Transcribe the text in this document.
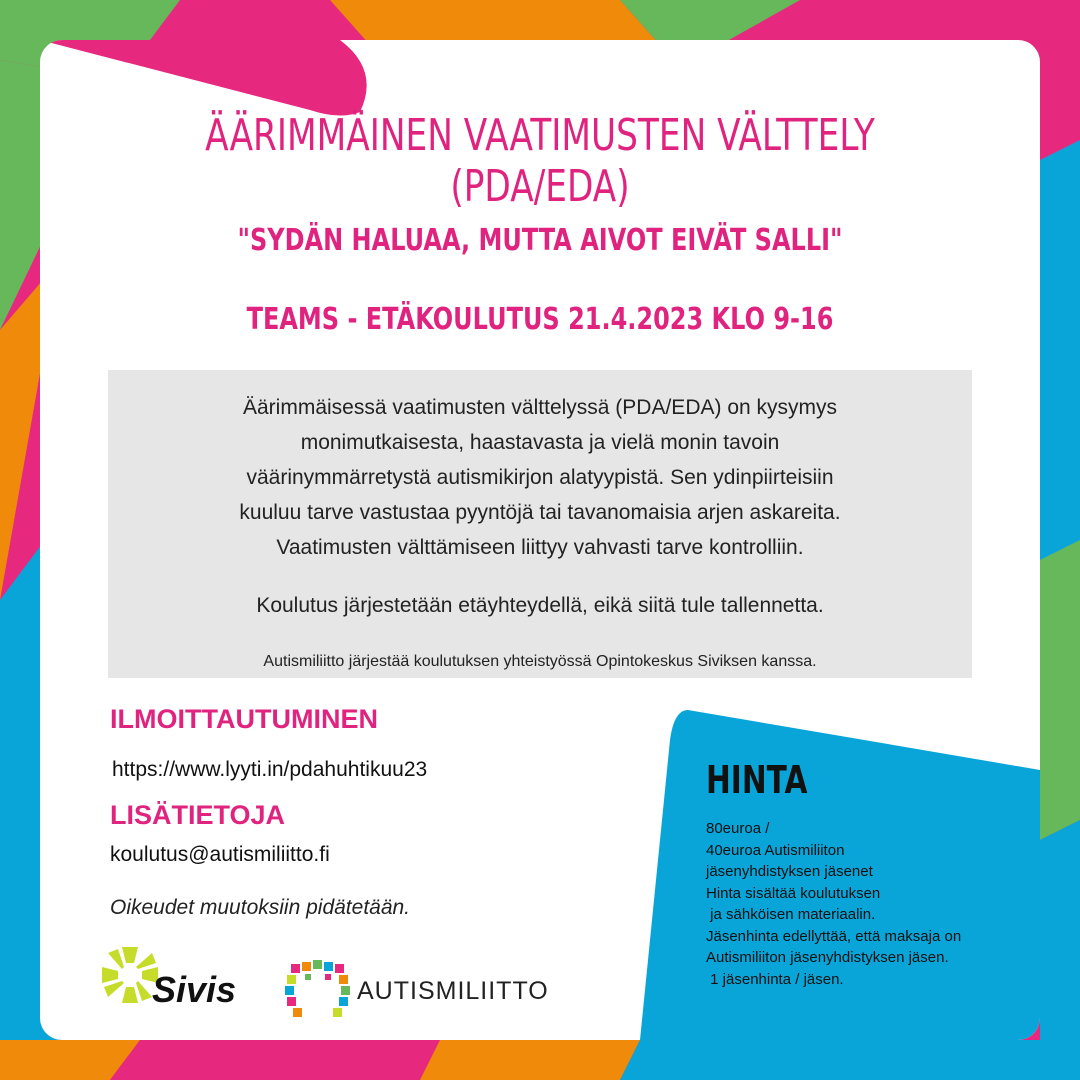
ÄÄRIMMÄINEN VAATIMUSTEN VÄLTTELY (PDA/EDA)
"SYDÄN HALUAA, MUTTA AIVOT EIVÄT SALLI"
TEAMS - ETÄKOULUTUS 21.4.2023 KLO 9-16

Äärimmäisessä vaatimusten välttelyssä (PDA/EDA) on kysymys

monimutkaisesta, haastavasta ja vielä monin tavoin

väärinymmärretystä autismikirjon alatyypistä. Sen ydinpiirteisiin

kuuluu tarve vastustaa pyyntöjä tai tavanomaisia arjen askareita.

Vaatimusten välttämiseen liittyy vahvasti tarve kontrolliin.

Koulutus järjestetään etäyhteydellä, eikä siitä tule tallennetta.

Autismiliitto järjestää koulutuksen yhteistyössä Opintokeskus Siviksen kanssa.

ILMOITTAUTUMINEN
https://www.lyyti.in/pdahuhtikuu23
LISÄTIETOJA
koulutus@autismiliitto.fi
Oikeudet muutoksiin pidätetään.
HINTA
80euroa /
40euroa Autismiliiton
jäsenyhdistyksen jäsenet
Hinta sisältää koulutuksen
ja sähköisen materiaalin.
Jäsenhinta edellyttää, että maksaja on
Autismiliiton jäsenyhdistyksen jäsen.
1 jäsenhinta / jäsen.
Sivis	AUTISMILIITTO
